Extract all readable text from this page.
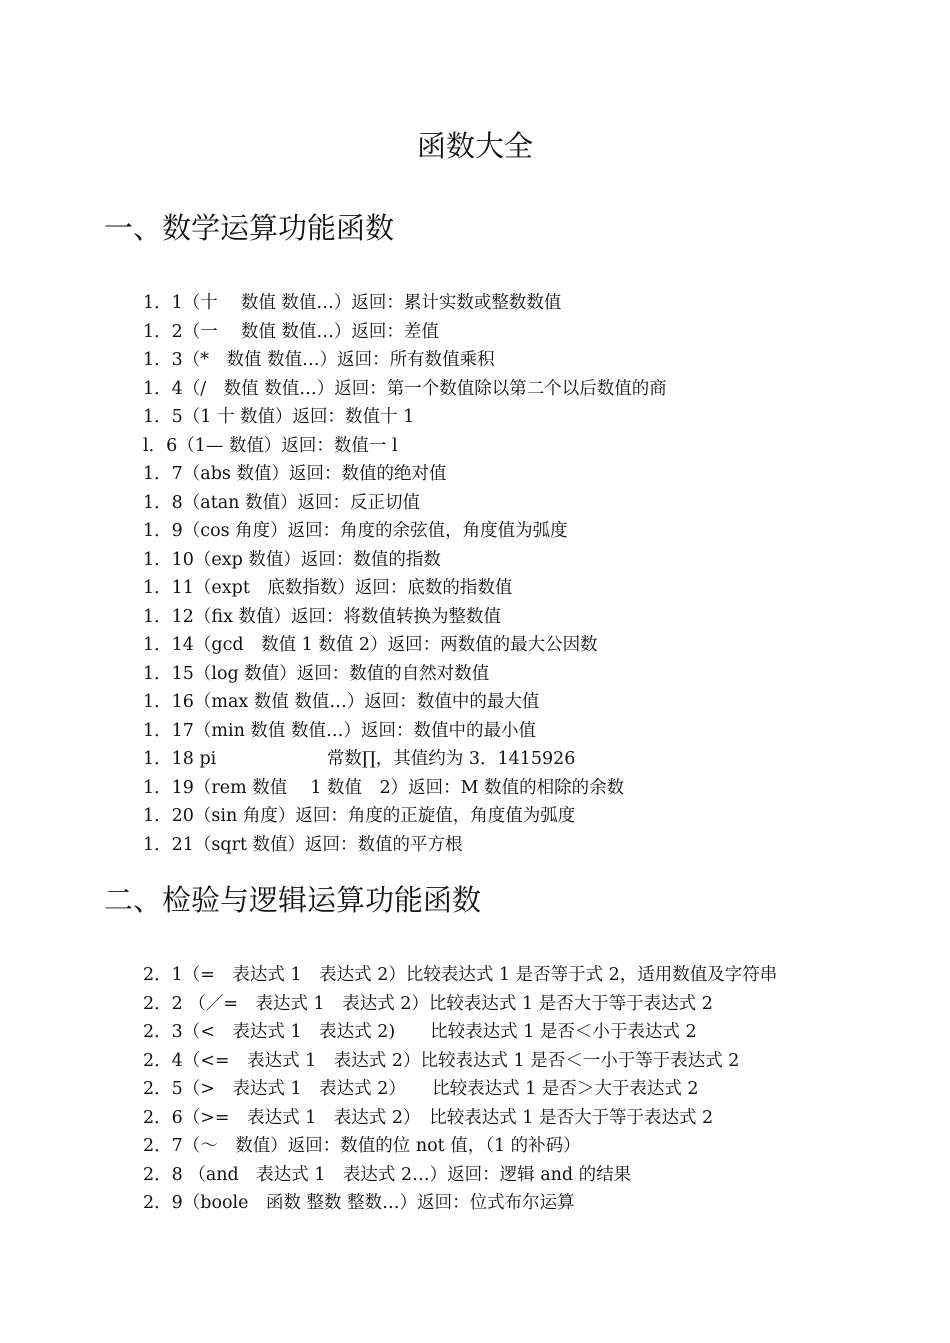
函数大全
一、数学运算功能函数
1．1（十　 数值 数值…）返回：累计实数或整数数值
1．2（一　 数值 数值…）返回：差值
1．3（*　数值 数值…）返回：所有数值乘积
1．4（/　数值 数值…）返回：第一个数值除以第二个以后数值的商
1．5（1 十 数值）返回：数值十 1
l．6（1— 数值）返回：数值一 l
1．7（abs 数值）返回：数值的绝对值
1．8（atan 数值）返回：反正切值
1．9（cos 角度）返回：角度的余弦值，角度值为弧度
1．10（exp 数值）返回：数值的指数
1．11（expt　底数指数）返回：底数的指数值
1．12（fix 数值）返回：将数值转换为整数值
1．14（gcd　数值 1 数值 2）返回：两数值的最大公因数
1．15（log 数值）返回：数值的自然对数值
1．16（max 数值 数值…）返回：数值中的最大值
1．17（min 数值 数值…）返回：数值中的最小值
1．18 pi　　　　　　 常数∏，其值约为 3．1415926
1．19（rem 数值　 1 数值　2）返回：M 数值的相除的余数
1．20（sin 角度）返回：角度的正旋值，角度值为弧度
1．21（sqrt 数值）返回：数值的平方根
二、检验与逻辑运算功能函数
2．1（=　表达式 1　表达式 2）比较表达式 1 是否等于式 2，适用数值及字符串
2．2 （／=　表达式 1　表达式 2）比较表达式 1 是否大于等于表达式 2
2．3（<　表达式 1　表达式 2)　　比较表达式 1 是否＜小于表达式 2
2．4（<=　表达式 1　表达式 2）比较表达式 1 是否＜一小于等于表达式 2
2．5（>　表达式 1　表达式 2）　　比较表达式 1 是否＞大于表达式 2
2．6（>=　表达式 1　表达式 2）　比较表达式 1 是否大于等于表达式 2
2．7（～　数值）返回：数值的位 not 值，（1 的补码）
2．8 （and　表达式 1　表达式 2…）返回：逻辑 and 的结果
2．9（boole　函数 整数 整数…）返回：位式布尔运算
